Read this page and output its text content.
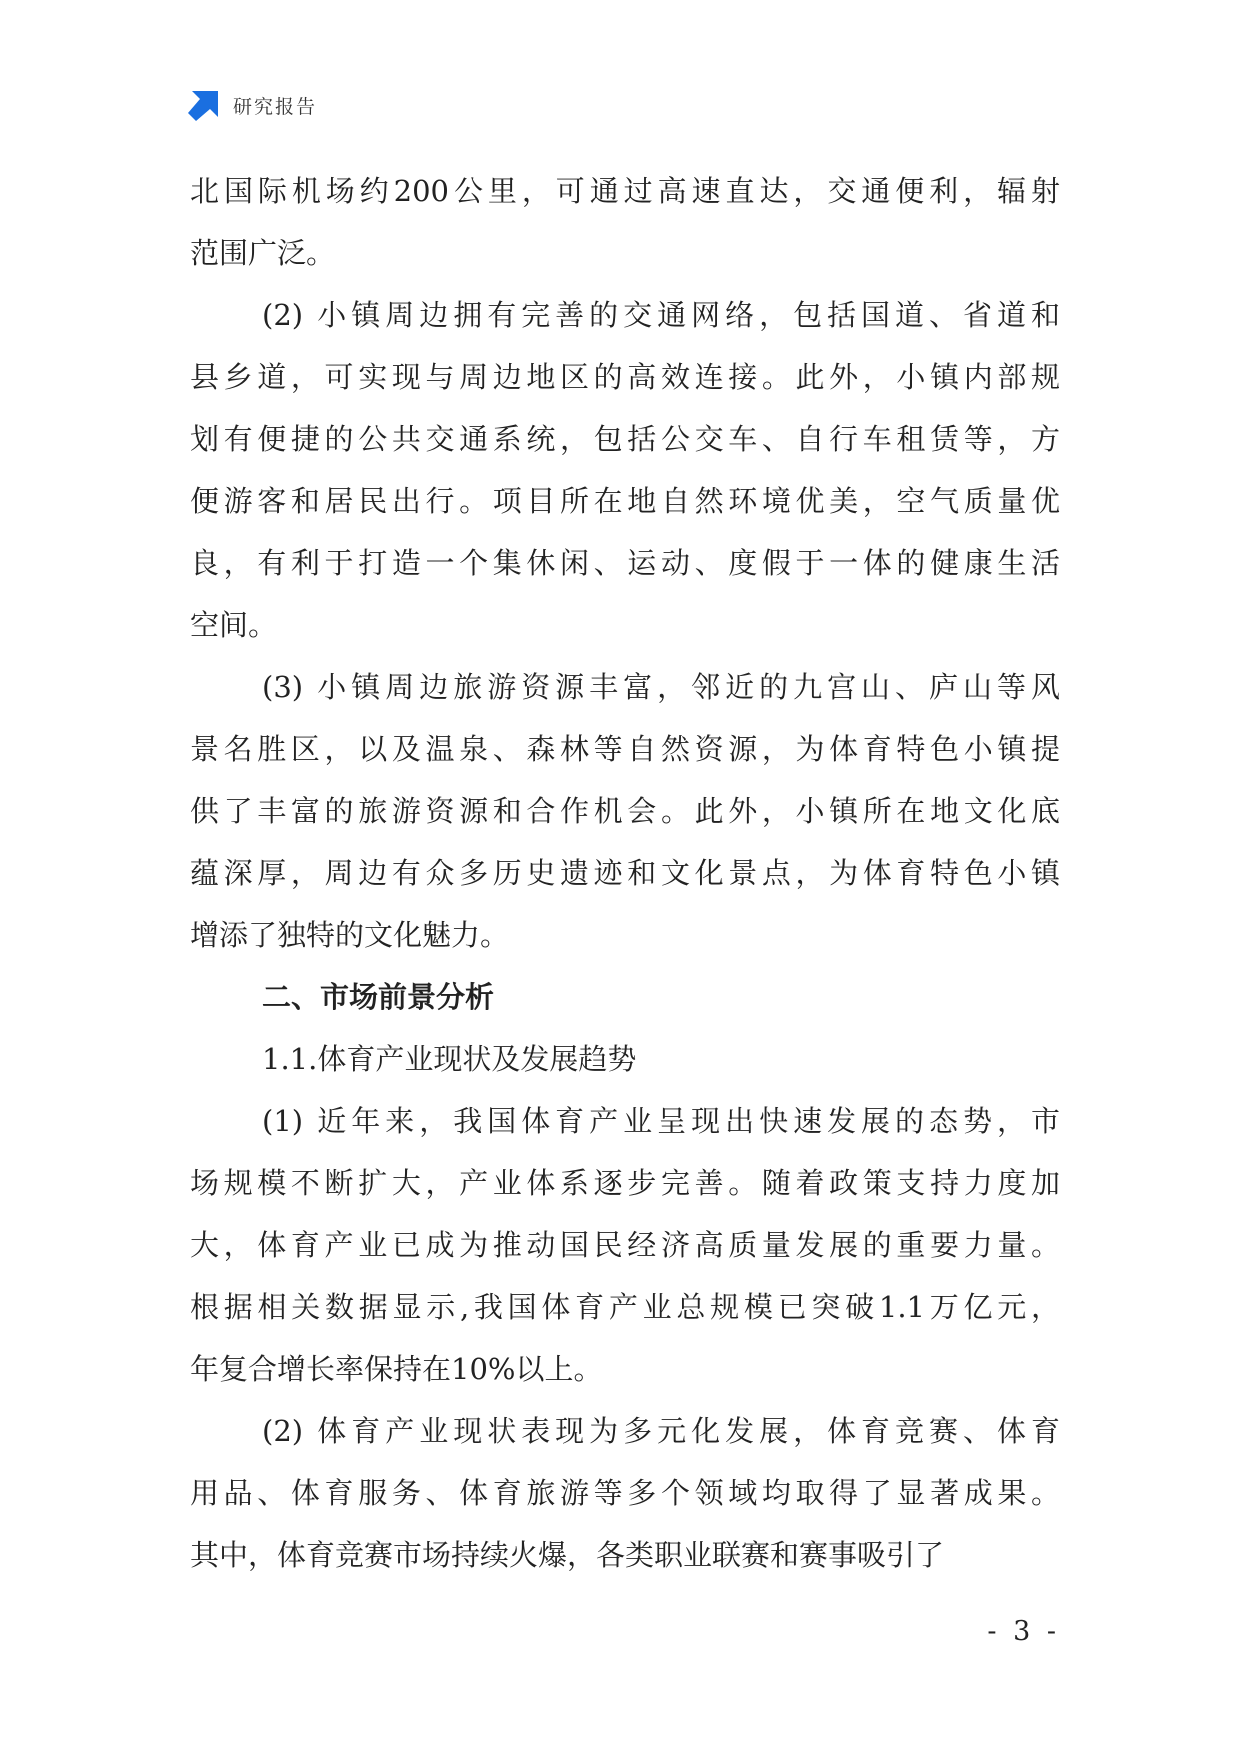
研究报告
北国际机场约200公里，可通过高速直达，交通便利，辐射
范围广泛。
(2) 小镇周边拥有完善的交通网络，包括国道、省道和
县乡道，可实现与周边地区的高效连接。此外，小镇内部规
划有便捷的公共交通系统，包括公交车、自行车租赁等，方
便游客和居民出行。项目所在地自然环境优美，空气质量优
良，有利于打造一个集休闲、运动、度假于一体的健康生活
空间。
(3) 小镇周边旅游资源丰富，邻近的九宫山、庐山等风
景名胜区，以及温泉、森林等自然资源，为体育特色小镇提
供了丰富的旅游资源和合作机会。此外，小镇所在地文化底
蕴深厚，周边有众多历史遗迹和文化景点，为体育特色小镇
增添了独特的文化魅力。
二、市场前景分析
1.1.体育产业现状及发展趋势
(1) 近年来，我国体育产业呈现出快速发展的态势，市
场规模不断扩大，产业体系逐步完善。随着政策支持力度加
大，体育产业已成为推动国民经济高质量发展的重要力量。
根据相关数据显示,我国体育产业总规模已突破1.1万亿元，
年复合增长率保持在10%以上。
(2) 体育产业现状表现为多元化发展，体育竞赛、体育
用品、体育服务、体育旅游等多个领域均取得了显著成果。
其中，体育竞赛市场持续火爆，各类职业联赛和赛事吸引了
- 3 -
